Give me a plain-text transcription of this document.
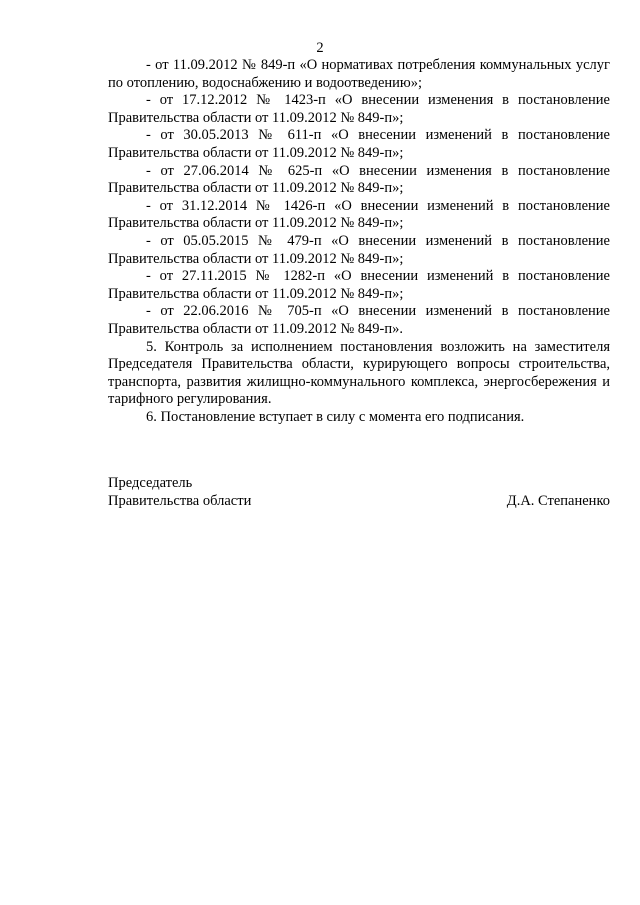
2

- от 11.09.2012 № 849-п «О нормативах потребления коммунальных услуг по отоплению, водоснабжению и водоотведению»;

- от 17.12.2012 № 1423-п «О внесении изменения в постановление Правительства области от 11.09.2012 № 849-п»;

- от 30.05.2013 № 611-п «О внесении изменений в постановление Правительства области от 11.09.2012 № 849-п»;

- от 27.06.2014 № 625-п «О внесении изменения в постановление Правительства области от 11.09.2012 № 849-п»;

- от 31.12.2014 № 1426-п «О внесении изменений в постановление Правительства области от 11.09.2012 № 849-п»;

- от 05.05.2015 № 479-п «О внесении изменений в постановление Правительства области от 11.09.2012 № 849-п»;

- от 27.11.2015 № 1282-п «О внесении изменений в постановление Правительства области от 11.09.2012 № 849-п»;

- от 22.06.2016 № 705-п «О внесении изменений в постановление Правительства области от 11.09.2012 № 849-п».

5. Контроль за исполнением постановления возложить на заместителя Председателя Правительства области, курирующего вопросы строительства, транспорта, развития жилищно-коммунального комплекса, энергосбережения и тарифного регулирования.

6. Постановление вступает в силу с момента его подписания.

Председатель
Правительства области	Д.А. Степаненко
